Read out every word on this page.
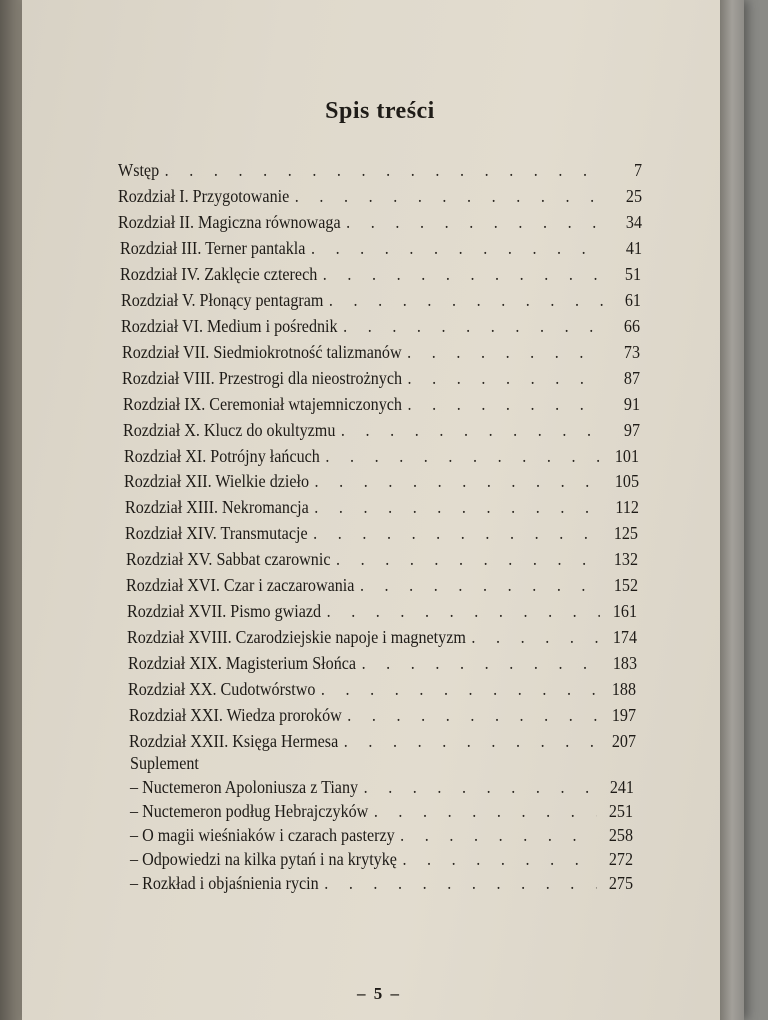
Spis treści
Wstęp . . .	7
Rozdział I. Przygotowanie . . .	25
Rozdział II. Magiczna równowaga . . .	34
Rozdział III. Terner pantakla . . .	41
Rozdział IV. Zaklęcie czterech . . .	51
Rozdział V. Płonący pentagram . . .	61
Rozdział VI. Medium i pośrednik . . .	66
Rozdział VII. Siedmiokrotność talizmanów . . .	73
Rozdział VIII. Przestrogi dla nieostrożnych . . .	87
Rozdział IX. Ceremoniał wtajemniczonych . . .	91
Rozdział X. Klucz do okultyzmu . . .	97
Rozdział XI. Potrójny łańcuch . . .	101
Rozdział XII. Wielkie dzieło . . .	105
Rozdział XIII. Nekromancja . . .	112
Rozdział XIV. Transmutacje . . .	125
Rozdział XV. Sabbat czarownic . . .	132
Rozdział XVI. Czar i zaczarowania . . .	152
Rozdział XVII. Pismo gwiazd . . .	161
Rozdział XVIII. Czarodziejskie napoje i magnetyzm . . .	174
Rozdział XIX. Magisterium Słońca . . .	183
Rozdział XX. Cudotwórstwo . . .	188
Rozdział XXI. Wiedza proroków . . .	197
Rozdział XXII. Księga Hermesa . . .	207
Suplement
– Nuctemeron Apoloniusza z Tiany . . .	241
– Nuctemeron podług Hebrajczyków . . .	251
– O magii wieśniaków i czarach pasterzy . . .	258
– Odpowiedzi na kilka pytań i na krytykę . . .	272
– Rozkład i objaśnienia rycin . . .	275
– 5 –
